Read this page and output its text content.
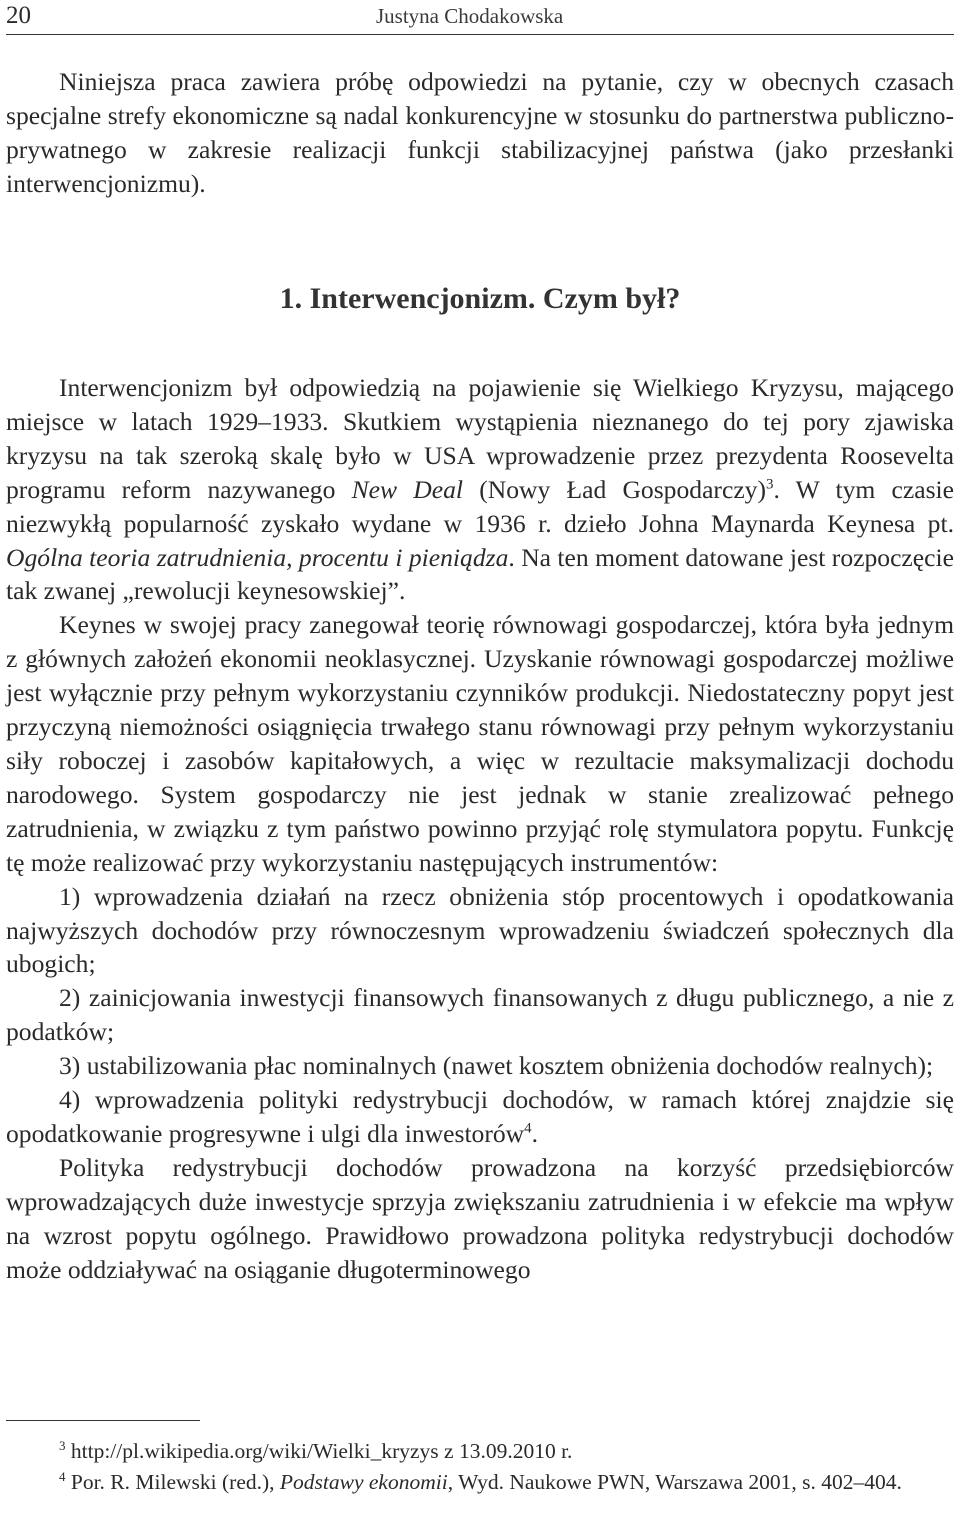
20	Justyna Chodakowska

Niniejsza praca zawiera próbę odpowiedzi na pytanie, czy w obecnych czasach specjalne strefy ekonomiczne są nadal konkurencyjne w stosunku do partnerstwa publiczno-prywatnego w zakresie realizacji funkcji stabilizacyjnej państwa (jako przesłanki interwencjonizmu).

1. Interwencjonizm. Czym był?

Interwencjonizm był odpowiedzią na pojawienie się Wielkiego Kryzysu, mającego miejsce w latach 1929–1933. Skutkiem wystąpienia nieznanego do tej pory zjawiska kryzysu na tak szeroką skalę było w USA wprowadzenie przez prezydenta Roosevelta programu reform nazywanego New Deal (Nowy Ład Gospodarczy)$^3$. W tym czasie niezwykłą popularność zyskało wydane w 1936 r. dzieło Johna Maynarda Keynesa pt. Ogólna teoria zatrudnienia, procentu i pieniądza. Na ten moment datowane jest rozpoczęcie tak zwanej „rewolucji keynesowskiej”.

Keynes w swojej pracy zanegował teorię równowagi gospodarczej, która była jednym z głównych założeń ekonomii neoklasycznej. Uzyskanie równowagi gospodarczej możliwe jest wyłącznie przy pełnym wykorzystaniu czynników produkcji. Niedostateczny popyt jest przyczyną niemożności osiągnięcia trwałego stanu równowagi przy pełnym wykorzystaniu siły roboczej i zasobów kapitałowych, a więc w rezultacie maksymalizacji dochodu narodowego. System gospodarczy nie jest jednak w stanie zrealizować pełnego zatrudnienia, w związku z tym państwo powinno przyjąć rolę stymulatora popytu. Funkcję tę może realizować przy wykorzystaniu następujących instrumentów:

1) wprowadzenia działań na rzecz obniżenia stóp procentowych i opodatkowania najwyższych dochodów przy równoczesnym wprowadzeniu świadczeń społecznych dla ubogich;

2) zainicjowania inwestycji finansowych finansowanych z długu publicznego, a nie z podatków;

3) ustabilizowania płac nominalnych (nawet kosztem obniżenia dochodów realnych);

4) wprowadzenia polityki redystrybucji dochodów, w ramach której znajdzie się opodatkowanie progresywne i ulgi dla inwestorów$^4$.

Polityka redystrybucji dochodów prowadzona na korzyść przedsiębiorców wprowadzających duże inwestycje sprzyja zwiększaniu zatrudnienia i w efekcie ma wpływ na wzrost popytu ogólnego. Prawidłowo prowadzona polityka redystrybucji dochodów może oddziaływać na osiąganie długoterminowego

$^3$ http://pl.wikipedia.org/wiki/Wielki_kryzys z 13.09.2010 r.

$^4$ Por. R. Milewski (red.), Podstawy ekonomii, Wyd. Naukowe PWN, Warszawa 2001, s. 402–404.
